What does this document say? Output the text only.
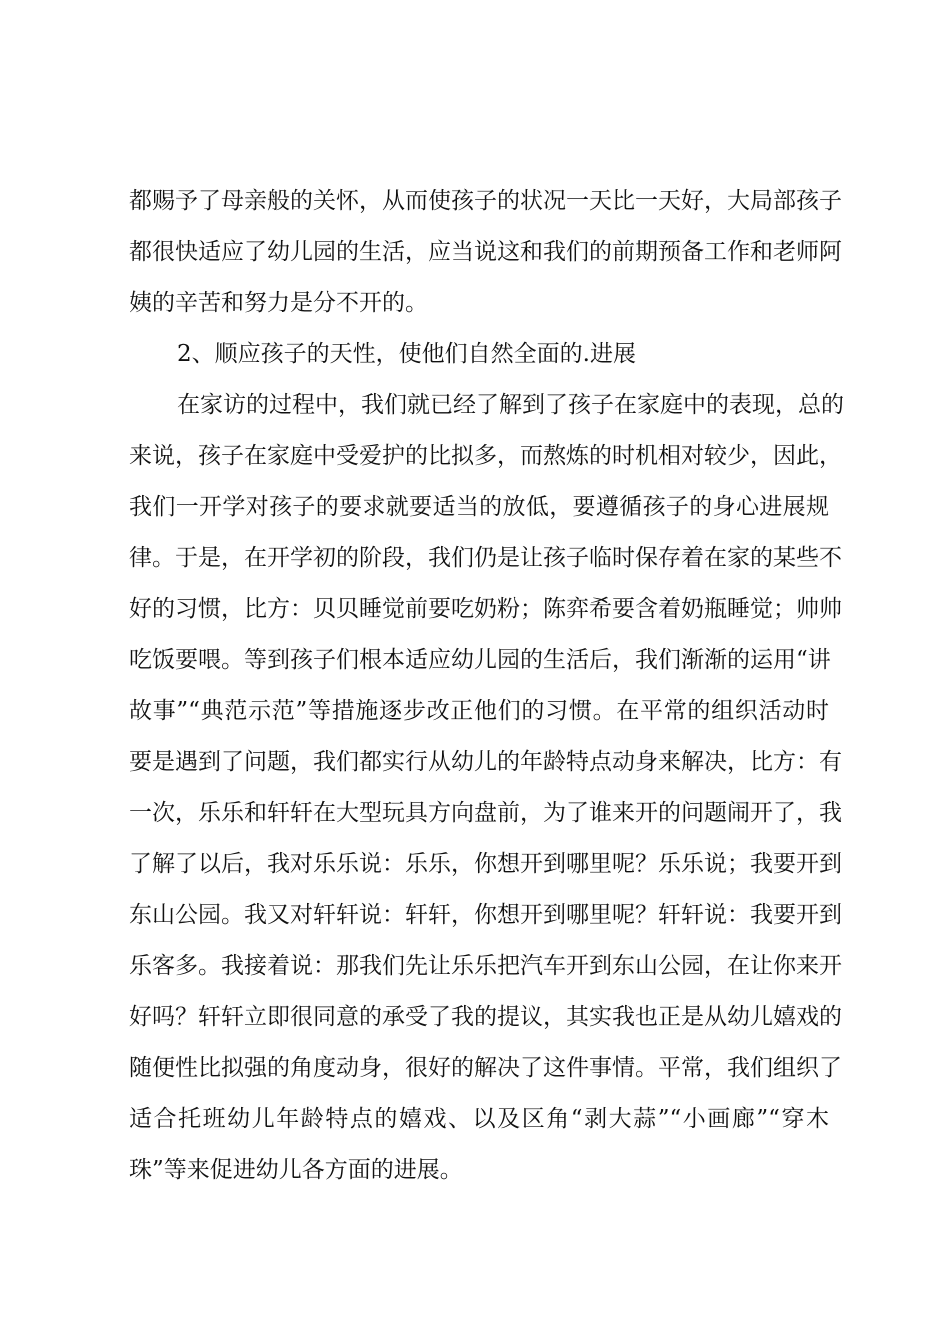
都赐予了母亲般的关怀，从而使孩子的状况一天比一天好，大局部孩子
都很快适应了幼儿园的生活，应当说这和我们的前期预备工作和老师阿
姨的辛苦和努力是分不开的。
2、顺应孩子的天性，使他们自然全面的.进展
在家访的过程中，我们就已经了解到了孩子在家庭中的表现，总的
来说，孩子在家庭中受爱护的比拟多，而熬炼的时机相对较少，因此，
我们一开学对孩子的要求就要适当的放低，要遵循孩子的身心进展规
律。于是，在开学初的阶段，我们仍是让孩子临时保存着在家的某些不
好的习惯，比方：贝贝睡觉前要吃奶粉；陈弈希要含着奶瓶睡觉；帅帅
吃饭要喂。等到孩子们根本适应幼儿园的生活后，我们渐渐的运用“讲
故事”“典范示范”等措施逐步改正他们的习惯。在平常的组织活动时
要是遇到了问题，我们都实行从幼儿的年龄特点动身来解决，比方：有
一次，乐乐和轩轩在大型玩具方向盘前，为了谁来开的问题闹开了，我
了解了以后，我对乐乐说：乐乐，你想开到哪里呢？乐乐说；我要开到
东山公园。我又对轩轩说：轩轩，你想开到哪里呢？轩轩说：我要开到
乐客多。我接着说：那我们先让乐乐把汽车开到东山公园，在让你来开
好吗？轩轩立即很同意的承受了我的提议，其实我也正是从幼儿嬉戏的
随便性比拟强的角度动身，很好的解决了这件事情。平常，我们组织了
适合托班幼儿年龄特点的嬉戏、以及区角“剥大蒜”“小画廊”“穿木
珠”等来促进幼儿各方面的进展。
